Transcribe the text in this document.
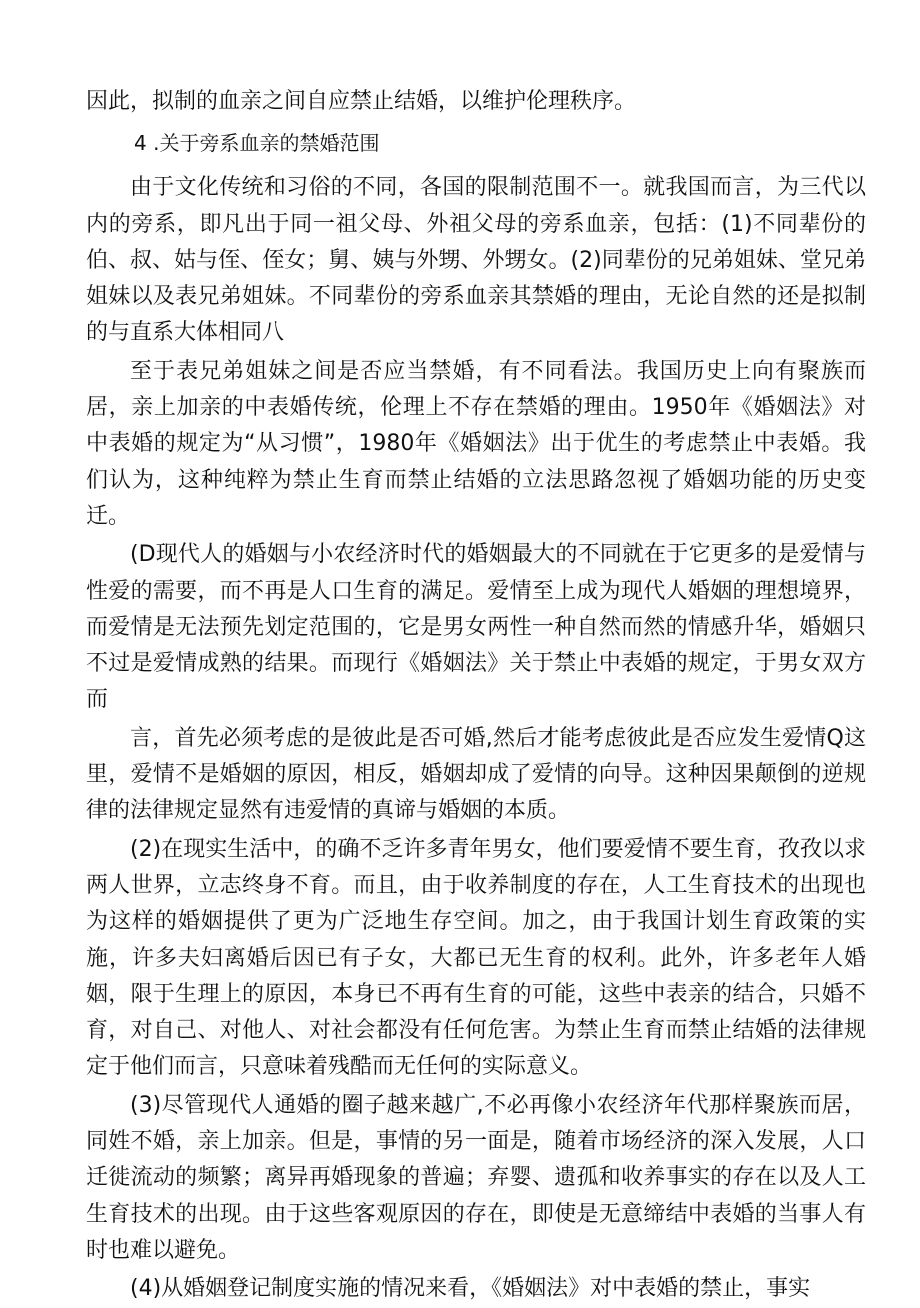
因此，拟制的血亲之间自应禁止结婚，以维护伦理秩序。

4 .关于旁系血亲的禁婚范围

由于文化传统和习俗的不同，各国的限制范围不一。就我国而言，为三代以内的旁系，即凡出于同一祖父母、外祖父母的旁系血亲，包括：(1)不同辈份的伯、叔、姑与侄、侄女；舅、姨与外甥、外甥女。(2)同辈份的兄弟姐妹、堂兄弟姐妹以及表兄弟姐妹。不同辈份的旁系血亲其禁婚的理由，无论自然的还是拟制的与直系大体相同八

至于表兄弟姐妹之间是否应当禁婚，有不同看法。我国历史上向有聚族而居，亲上加亲的中表婚传统，伦理上不存在禁婚的理由。1950年《婚姻法》对中表婚的规定为“从习惯”，1980年《婚姻法》出于优生的考虑禁止中表婚。我们认为，这种纯粹为禁止生育而禁止结婚的立法思路忽视了婚姻功能的历史变迁。

(D现代人的婚姻与小农经济时代的婚姻最大的不同就在于它更多的是爱情与性爱的需要，而不再是人口生育的满足。爱情至上成为现代人婚姻的理想境界，而爱情是无法预先划定范围的，它是男女两性一种自然而然的情感升华，婚姻只不过是爱情成熟的结果。而现行《婚姻法》关于禁止中表婚的规定，于男女双方而

言，首先必须考虑的是彼此是否可婚,然后才能考虑彼此是否应发生爱情Q这里，爱情不是婚姻的原因，相反，婚姻却成了爱情的向导。这种因果颠倒的逆规律的法律规定显然有违爱情的真谛与婚姻的本质。

(2)在现实生活中，的确不乏许多青年男女，他们要爱情不要生育，孜孜以求两人世界，立志终身不育。而且，由于收养制度的存在，人工生育技术的出现也为这样的婚姻提供了更为广泛地生存空间。加之，由于我国计划生育政策的实施，许多夫妇离婚后因已有子女，大都已无生育的权利。此外，许多老年人婚姻，限于生理上的原因，本身已不再有生育的可能，这些中表亲的结合，只婚不育，对自己、对他人、对社会都没有任何危害。为禁止生育而禁止结婚的法律规定于他们而言，只意味着残酷而无任何的实际意义。

(3)尽管现代人通婚的圈子越来越广,不必再像小农经济年代那样聚族而居，同姓不婚，亲上加亲。但是，事情的另一面是，随着市场经济的深入发展，人口迁徙流动的频繁；离异再婚现象的普遍；弃婴、遗孤和收养事实的存在以及人工生育技术的出现。由于这些客观原因的存在，即使是无意缔结中表婚的当事人有时也难以避免。

(4)从婚姻登记制度实施的情况来看，《婚姻法》对中表婚的禁止，事实
